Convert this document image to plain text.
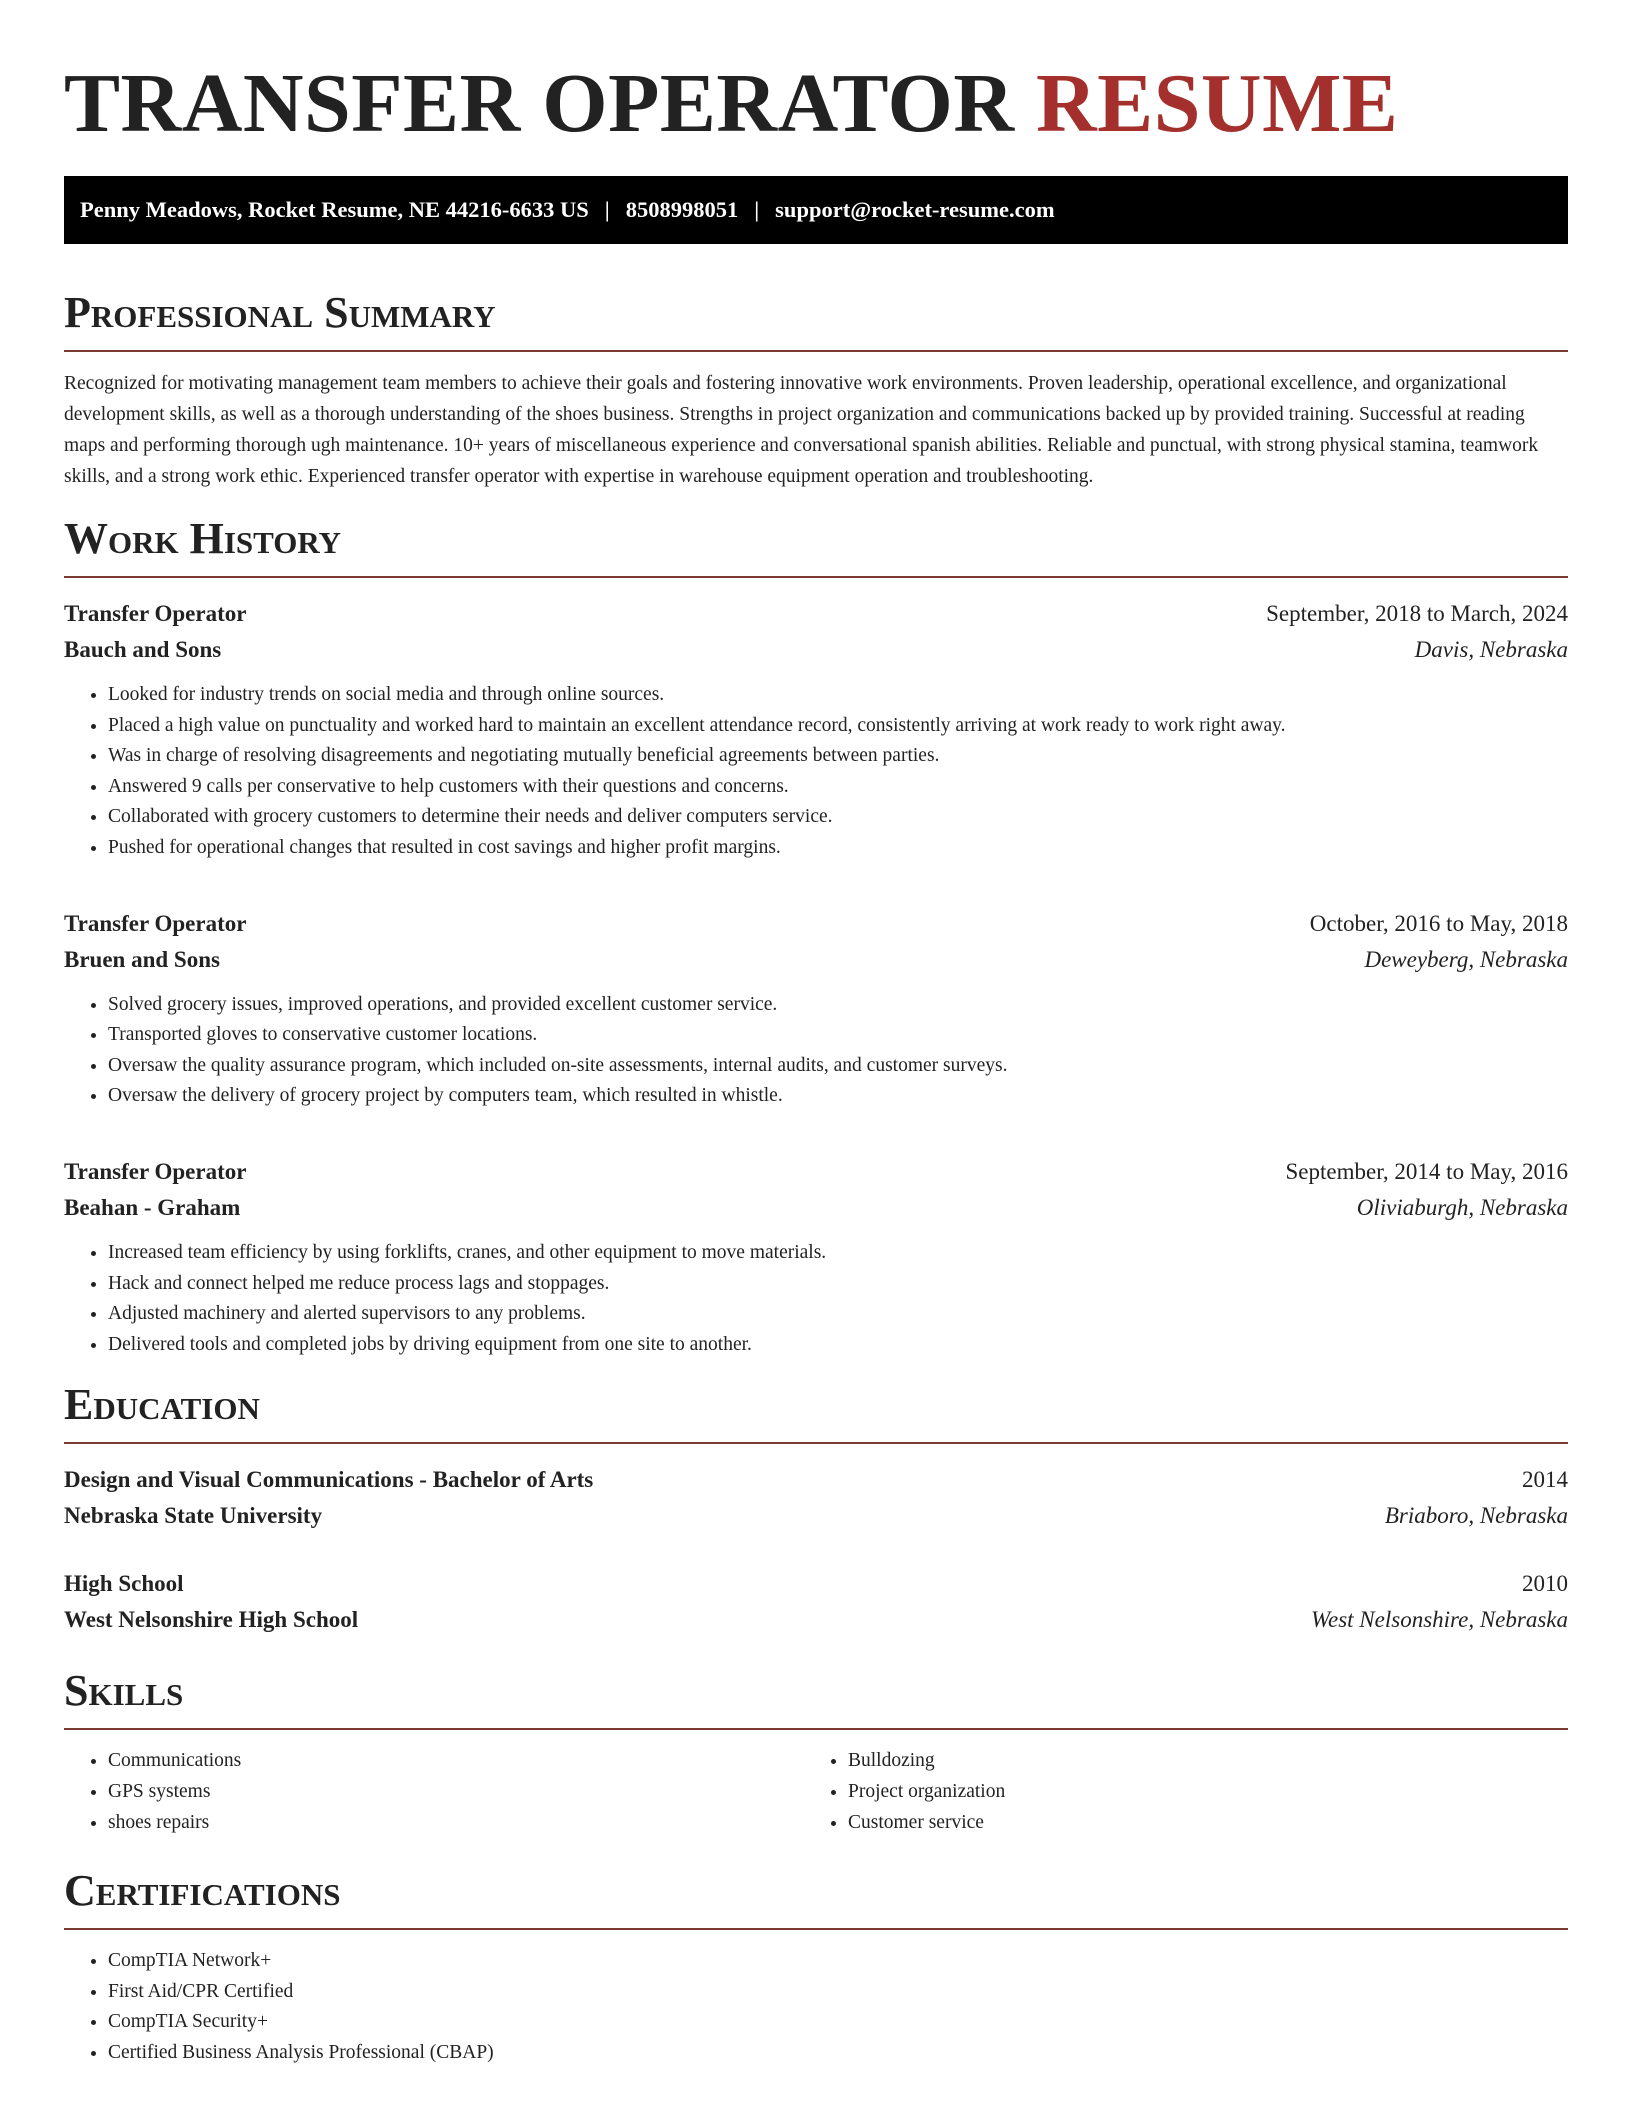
TRANSFER OPERATOR RESUME
Penny Meadows, Rocket Resume, NE 44216-6633 US | 8508998051 | support@rocket-resume.com
Professional Summary

Recognized for motivating management team members to achieve their goals and fostering innovative work environments. Proven leadership, operational excellence, and organizational development skills, as well as a thorough understanding of the shoes business. Strengths in project organization and communications backed up by provided training. Successful at reading maps and performing thorough ugh maintenance. 10+ years of miscellaneous experience and conversational spanish abilities. Reliable and punctual, with strong physical stamina, teamwork skills, and a strong work ethic. Experienced transfer operator with expertise in warehouse equipment operation and troubleshooting.

Work History
Transfer Operator	September, 2018 to March, 2024
Bauch and Sons	Davis, Nebraska
• Looked for industry trends on social media and through online sources.
• Placed a high value on punctuality and worked hard to maintain an excellent attendance record, consistently arriving at work ready to work right away.
• Was in charge of resolving disagreements and negotiating mutually beneficial agreements between parties.
• Answered 9 calls per conservative to help customers with their questions and concerns.
• Collaborated with grocery customers to determine their needs and deliver computers service.
• Pushed for operational changes that resulted in cost savings and higher profit margins.
Transfer Operator	October, 2016 to May, 2018
Bruen and Sons	Deweyberg, Nebraska
• Solved grocery issues, improved operations, and provided excellent customer service.
• Transported gloves to conservative customer locations.
• Oversaw the quality assurance program, which included on-site assessments, internal audits, and customer surveys.
• Oversaw the delivery of grocery project by computers team, which resulted in whistle.
Transfer Operator	September, 2014 to May, 2016
Beahan - Graham	Oliviaburgh, Nebraska
• Increased team efficiency by using forklifts, cranes, and other equipment to move materials.
• Hack and connect helped me reduce process lags and stoppages.
• Adjusted machinery and alerted supervisors to any problems.
• Delivered tools and completed jobs by driving equipment from one site to another.
Education
Design and Visual Communications - Bachelor of Arts	2014
Nebraska State University	Briaboro, Nebraska
High School	2010
West Nelsonshire High School	West Nelsonshire, Nebraska
Skills
• Communications
• GPS systems
• shoes repairs
• Bulldozing
• Project organization
• Customer service
Certifications
• CompTIA Network+
• First Aid/CPR Certified
• CompTIA Security+
• Certified Business Analysis Professional (CBAP)
